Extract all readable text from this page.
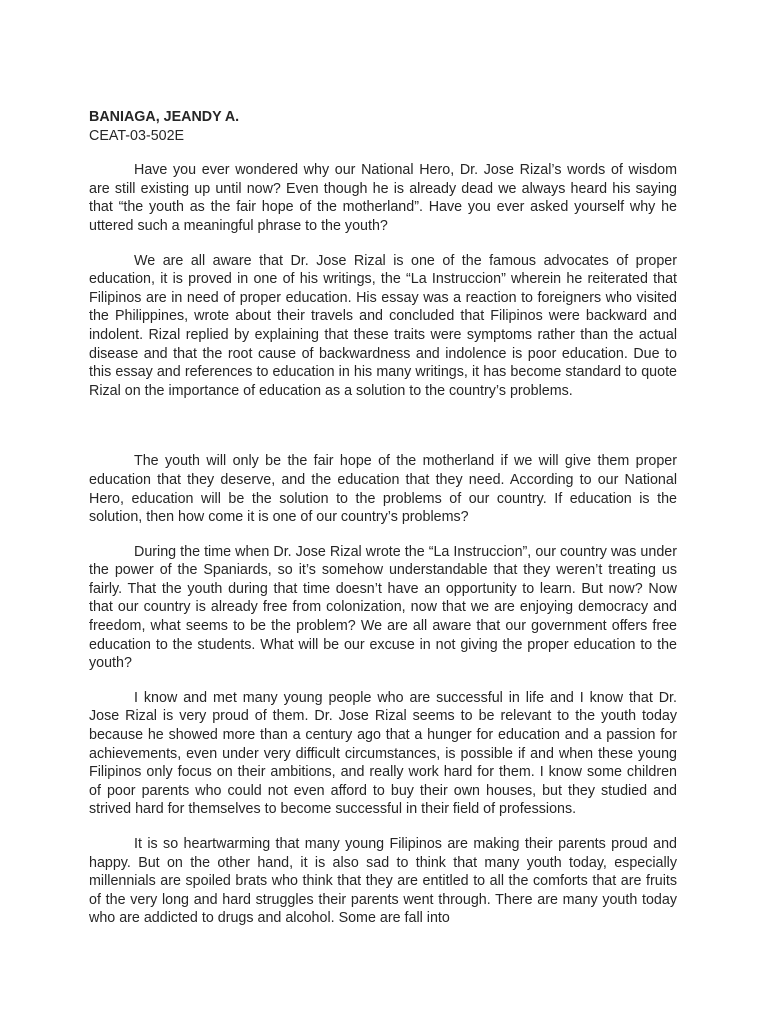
BANIAGA, JEANDY A.

CEAT-03-502E

Have you ever wondered why our National Hero, Dr. Jose Rizal’s words of wisdom are still existing up until now? Even though he is already dead we always heard his saying that “the youth as the fair hope of the motherland”. Have you ever asked yourself why he uttered such a meaningful phrase to the youth?

We are all aware that Dr. Jose Rizal is one of the famous advocates of proper education, it is proved in one of his writings, the “La Instruccion” wherein he reiterated that Filipinos are in need of proper education. His essay was a reaction to foreigners who visited the Philippines, wrote about their travels and concluded that Filipinos were backward and indolent. Rizal replied by explaining that these traits were symptoms rather than the actual disease and that the root cause of backwardness and indolence is poor education. Due to this essay and references to education in his many writings, it has become standard to quote Rizal on the importance of education as a solution to the country’s problems.

The youth will only be the fair hope of the motherland if we will give them proper education that they deserve, and the education that they need. According to our National Hero, education will be the solution to the problems of our country. If education is the solution, then how come it is one of our country’s problems?

During the time when Dr. Jose Rizal wrote the “La Instruccion”, our country was under the power of the Spaniards, so it’s somehow understandable that they weren’t treating us fairly. That the youth during that time doesn’t have an opportunity to learn. But now? Now that our country is already free from colonization, now that we are enjoying democracy and freedom, what seems to be the problem? We are all aware that our government offers free education to the students. What will be our excuse in not giving the proper education to the youth?

I know and met many young people who are successful in life and I know that Dr. Jose Rizal is very proud of them. Dr. Jose Rizal seems to be relevant to the youth today because he showed more than a century ago that a hunger for education and a passion for achievements, even under very difficult circumstances, is possible if and when these young Filipinos only focus on their ambitions, and really work hard for them. I know some children of poor parents who could not even afford to buy their own houses, but they studied and strived hard for themselves to become successful in their field of professions.

It is so heartwarming that many young Filipinos are making their parents proud and happy. But on the other hand, it is also sad to think that many youth today, especially millennials are spoiled brats who think that they are entitled to all the comforts that are fruits of the very long and hard struggles their parents went through. There are many youth today who are addicted to drugs and alcohol. Some are fall into
